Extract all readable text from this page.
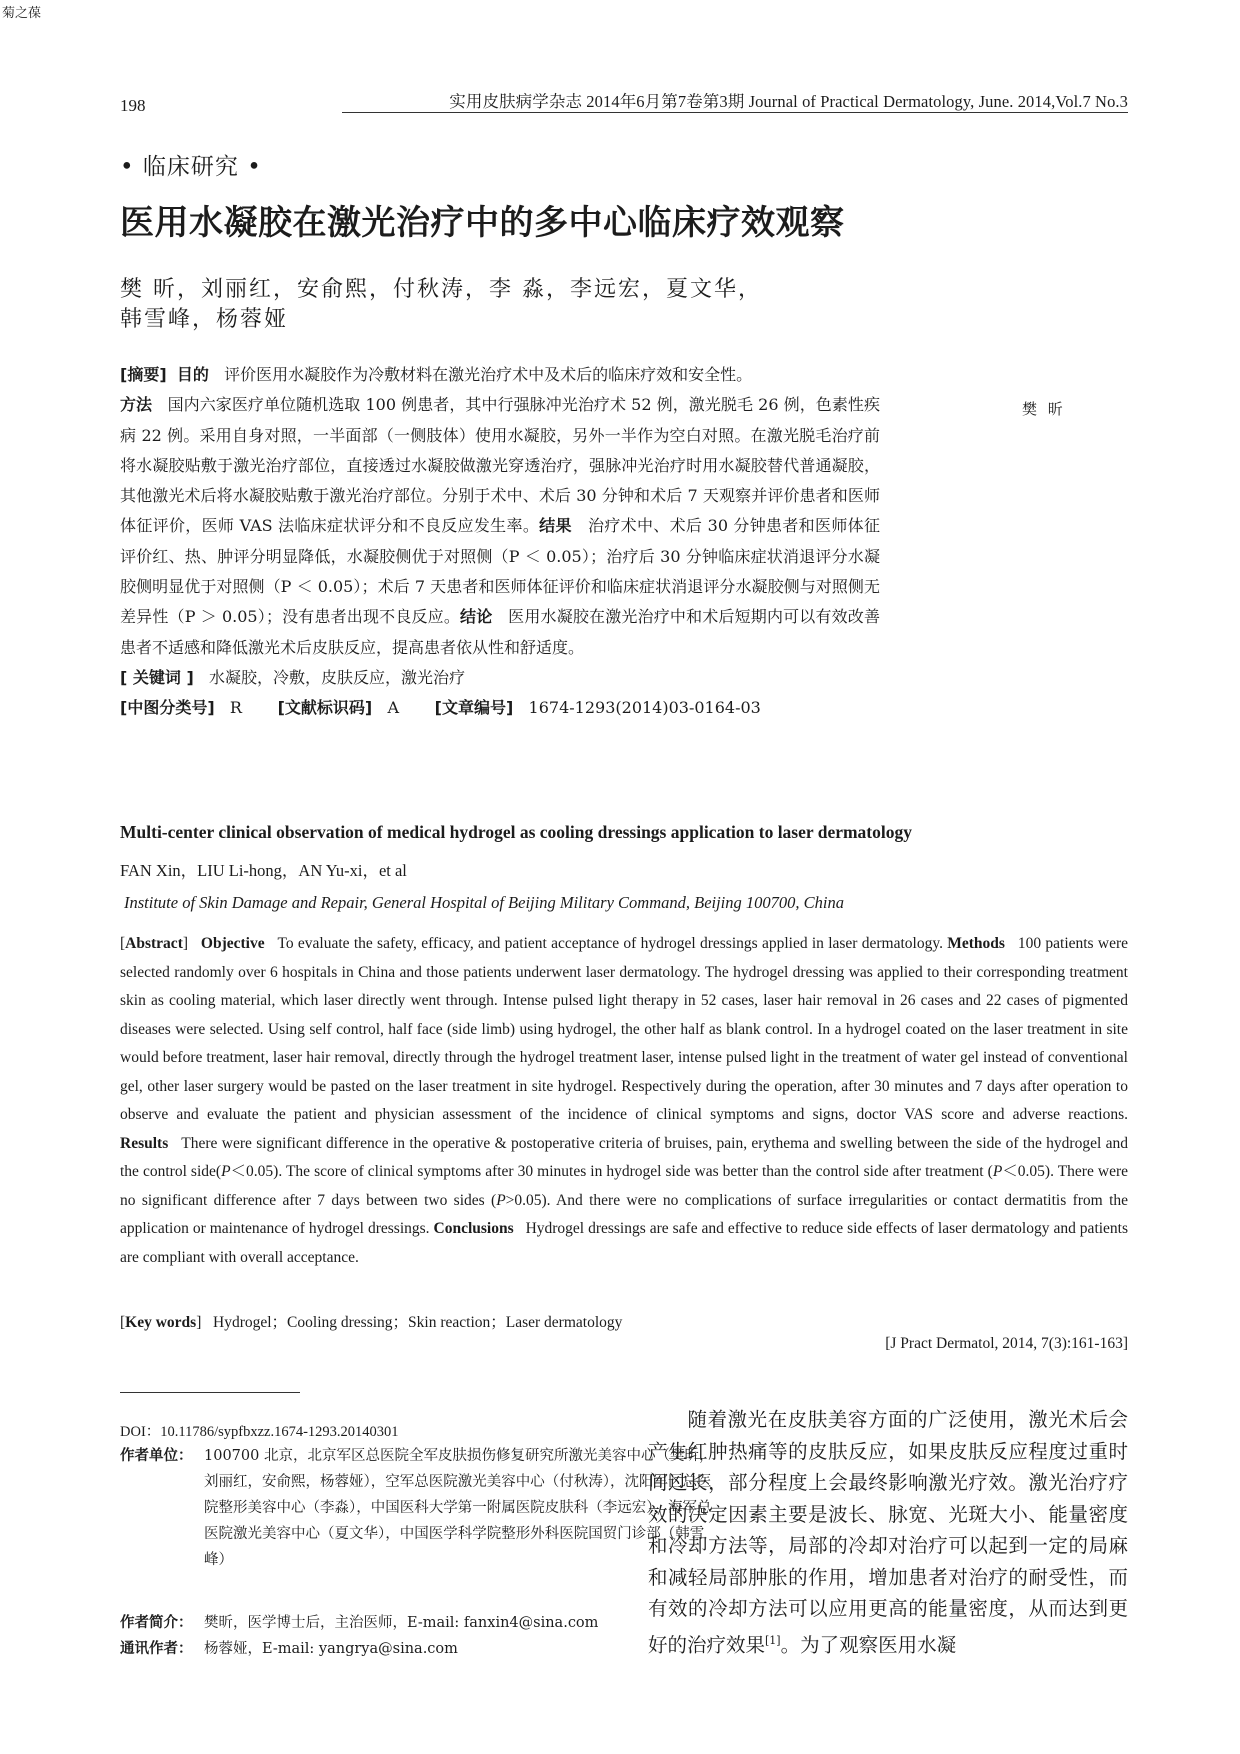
菊之葆
198	实用皮肤病学杂志 2014年6月第7卷第3期 Journal of Practical Dermatology, June. 2014,Vol.7 No.3
• 临床研究 •
医用水凝胶在激光治疗中的多中心临床疗效观察
樊 昕，刘丽红，安俞熙，付秋涛，李 淼，李远宏，夏文华，
韩雪峰，杨蓉娅
樊 昕
[摘要] 目的 评价医用水凝胶作为冷敷材料在激光治疗术中及术后的临床疗效和安全性。
方法 国内六家医疗单位随机选取 100 例患者，其中行强脉冲光治疗术 52 例，激光脱毛 26 例，色素性疾病 22 例。采用自身对照，一半面部（一侧肢体）使用水凝胶，另外一半作为空白对照。在激光脱毛治疗前将水凝胶贴敷于激光治疗部位，直接透过水凝胶做激光穿透治疗，强脉冲光治疗时用水凝胶替代普通凝胶，其他激光术后将水凝胶贴敷于激光治疗部位。分别于术中、术后 30 分钟和术后 7 天观察并评价患者和医师体征评价，医师 VAS 法临床症状评分和不良反应发生率。结果 治疗术中、术后 30 分钟患者和医师体征评价红、热、肿评分明显降低，水凝胶侧优于对照侧（P ＜ 0.05）；治疗后 30 分钟临床症状消退评分水凝胶侧明显优于对照侧（P ＜ 0.05）；术后 7 天患者和医师体征评价和临床症状消退评分水凝胶侧与对照侧无差异性（P ＞ 0.05）；没有患者出现不良反应。结论 医用水凝胶在激光治疗中和术后短期内可以有效改善患者不适感和降低激光术后皮肤反应，提高患者依从性和舒适度。
[ 关键词 ] 水凝胶，冷敷，皮肤反应，激光治疗
[中图分类号] R [文献标识码] A [文章编号] 1674-1293(2014)03-0164-03
Multi-center clinical observation of medical hydrogel as cooling dressings application to laser dermatology
FAN Xin，LIU Li-hong，AN Yu-xi，et al
Institute of Skin Damage and Repair, General Hospital of Beijing Military Command, Beijing 100700, China
[Abstract]   Objective To evaluate the safety, efficacy, and patient acceptance of hydrogel dressings applied in laser dermatology. Methods 100 patients were selected randomly over 6 hospitals in China and those patients underwent laser dermatology. The hydrogel dressing was applied to their corresponding treatment skin as cooling material, which laser directly went through. Intense pulsed light therapy in 52 cases, laser hair removal in 26 cases and 22 cases of pigmented diseases were selected. Using self control, half face (side limb) using hydrogel, the other half as blank control. In a hydrogel coated on the laser treatment in site would before treatment, laser hair removal, directly through the hydrogel treatment laser, intense pulsed light in the treatment of water gel instead of conventional gel, other laser surgery would be pasted on the laser treatment in site hydrogel. Respectively during the operation, after 30 minutes and 7 days after operation to observe and evaluate the patient and physician assessment of the incidence of clinical symptoms and signs, doctor VAS score and adverse reactions. Results There were significant difference in the operative & postoperative criteria of bruises, pain, erythema and swelling between the side of the hydrogel and the control side(P＜0.05). The score of clinical symptoms after 30 minutes in hydrogel side was better than the control side after treatment (P＜0.05). There were no significant difference after 7 days between two sides (P>0.05). And there were no complications of surface irregularities or contact dermatitis from the application or maintenance of hydrogel dressings. Conclusions Hydrogel dressings are safe and effective to reduce side effects of laser dermatology and patients are compliant with overall acceptance.
[Key words]   Hydrogel；Cooling dressing；Skin reaction；Laser dermatology
[J Pract Dermatol, 2014, 7(3):161-163]
DOI：10.11786/sypfbxzz.1674-1293.20140301
作者单位： 100700 北京，北京军区总医院全军皮肤损伤修复研究所激光美容中心（樊昕，刘丽红，安俞熙，杨蓉娅），空军总医院激光美容中心（付秋涛），沈阳军区总医院整形美容中心（李淼），中国医科大学第一附属医院皮肤科（李远宏），海军总医院激光美容中心（夏文华），中国医学科学院整形外科医院国贸门诊部（韩雪峰）
作者简介： 樊昕，医学博士后，主治医师，E-mail: fanxin4@sina.com
通讯作者： 杨蓉娅，E-mail: yangrya@sina.com
  随着激光在皮肤美容方面的广泛使用，激光术后会产生红肿热痛等的皮肤反应，如果皮肤反应程度过重时间过长，部分程度上会最终影响激光疗效。激光治疗疗效的决定因素主要是波长、脉宽、光斑大小、能量密度和冷却方法等，局部的冷却对治疗可以起到一定的局麻和减轻局部肿胀的作用，增加患者对治疗的耐受性，而有效的冷却方法可以应用更高的能量密度，从而达到更好的治疗效果[1]。为了观察医用水凝
